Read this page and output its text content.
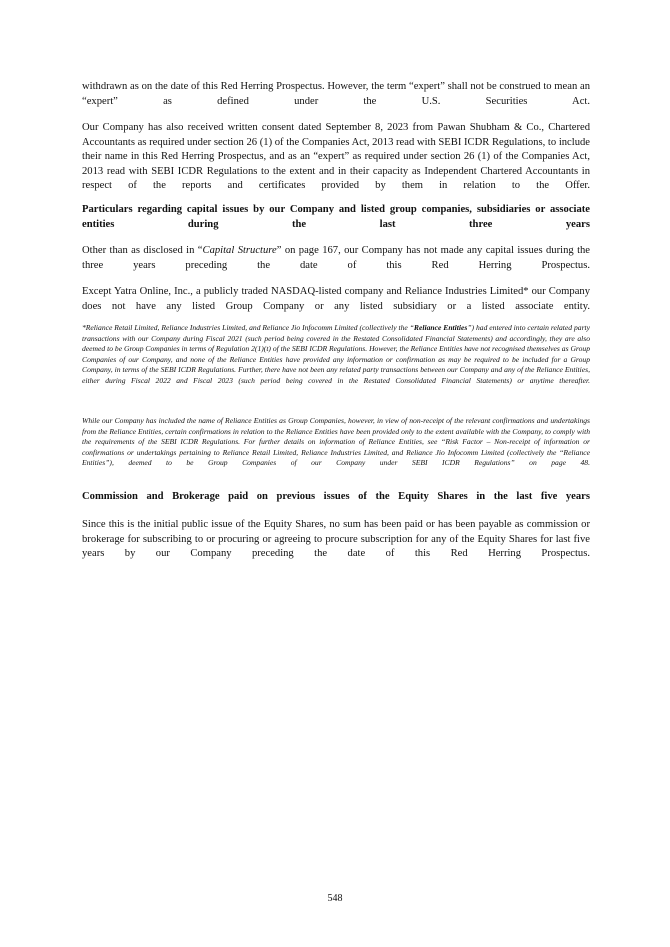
withdrawn as on the date of this Red Herring Prospectus. However, the term “expert” shall not be construed to mean an “expert” as defined under the U.S. Securities Act.

Our Company has also received written consent dated September 8, 2023 from Pawan Shubham & Co., Chartered Accountants as required under section 26 (1) of the Companies Act, 2013 read with SEBI ICDR Regulations, to include their name in this Red Herring Prospectus, and as an “expert” as required under section 26 (1) of the Companies Act, 2013 read with SEBI ICDR Regulations to the extent and in their capacity as Independent Chartered Accountants in respect of the reports and certificates provided by them in relation to the Offer.

Particulars regarding capital issues by our Company and listed group companies, subsidiaries or associate entities during the last three years

Other than as disclosed in “Capital Structure” on page 167, our Company has not made any capital issues during the three years preceding the date of this Red Herring Prospectus.

Except Yatra Online, Inc., a publicly traded NASDAQ-listed company and Reliance Industries Limited* our Company does not have any listed Group Company or any listed subsidiary or a listed associate entity.

*Reliance Retail Limited, Reliance Industries Limited, and Reliance Jio Infocomm Limited (collectively the “Reliance Entities”) had entered into certain related party transactions with our Company during Fiscal 2021 (such period being covered in the Restated Consolidated Financial Statements) and accordingly, they are also deemed to be Group Companies in terms of Regulation 2(1)(t) of the SEBI ICDR Regulations. However, the Reliance Entities have not recognised themselves as Group Companies of our Company, and none of the Reliance Entities have provided any information or confirmation as may be required to be included for a Group Company, in terms of the SEBI ICDR Regulations. Further, there have not been any related party transactions between our Company and any of the Reliance Entities, either during Fiscal 2022 and Fiscal 2023 (such period being covered in the Restated Consolidated Financial Statements) or anytime thereafter.

While our Company has included the name of Reliance Entities as Group Companies, however, in view of non-receipt of the relevant confirmations and undertakings from the Reliance Entities, certain confirmations in relation to the Reliance Entities have been provided only to the extent available with the Company, to comply with the requirements of the SEBI ICDR Regulations. For further details on information of Reliance Entities, see “Risk Factor – Non-receipt of information or confirmations or undertakings pertaining to Reliance Retail Limited, Reliance Industries Limited, and Reliance Jio Infocomm Limited (collectively the “Reliance Entities”), deemed to be Group Companies of our Company under SEBI ICDR Regulations” on page 48.

Commission and Brokerage paid on previous issues of the Equity Shares in the last five years

Since this is the initial public issue of the Equity Shares, no sum has been paid or has been payable as commission or brokerage for subscribing to or procuring or agreeing to procure subscription for any of the Equity Shares for last five years by our Company preceding the date of this Red Herring Prospectus.

548
